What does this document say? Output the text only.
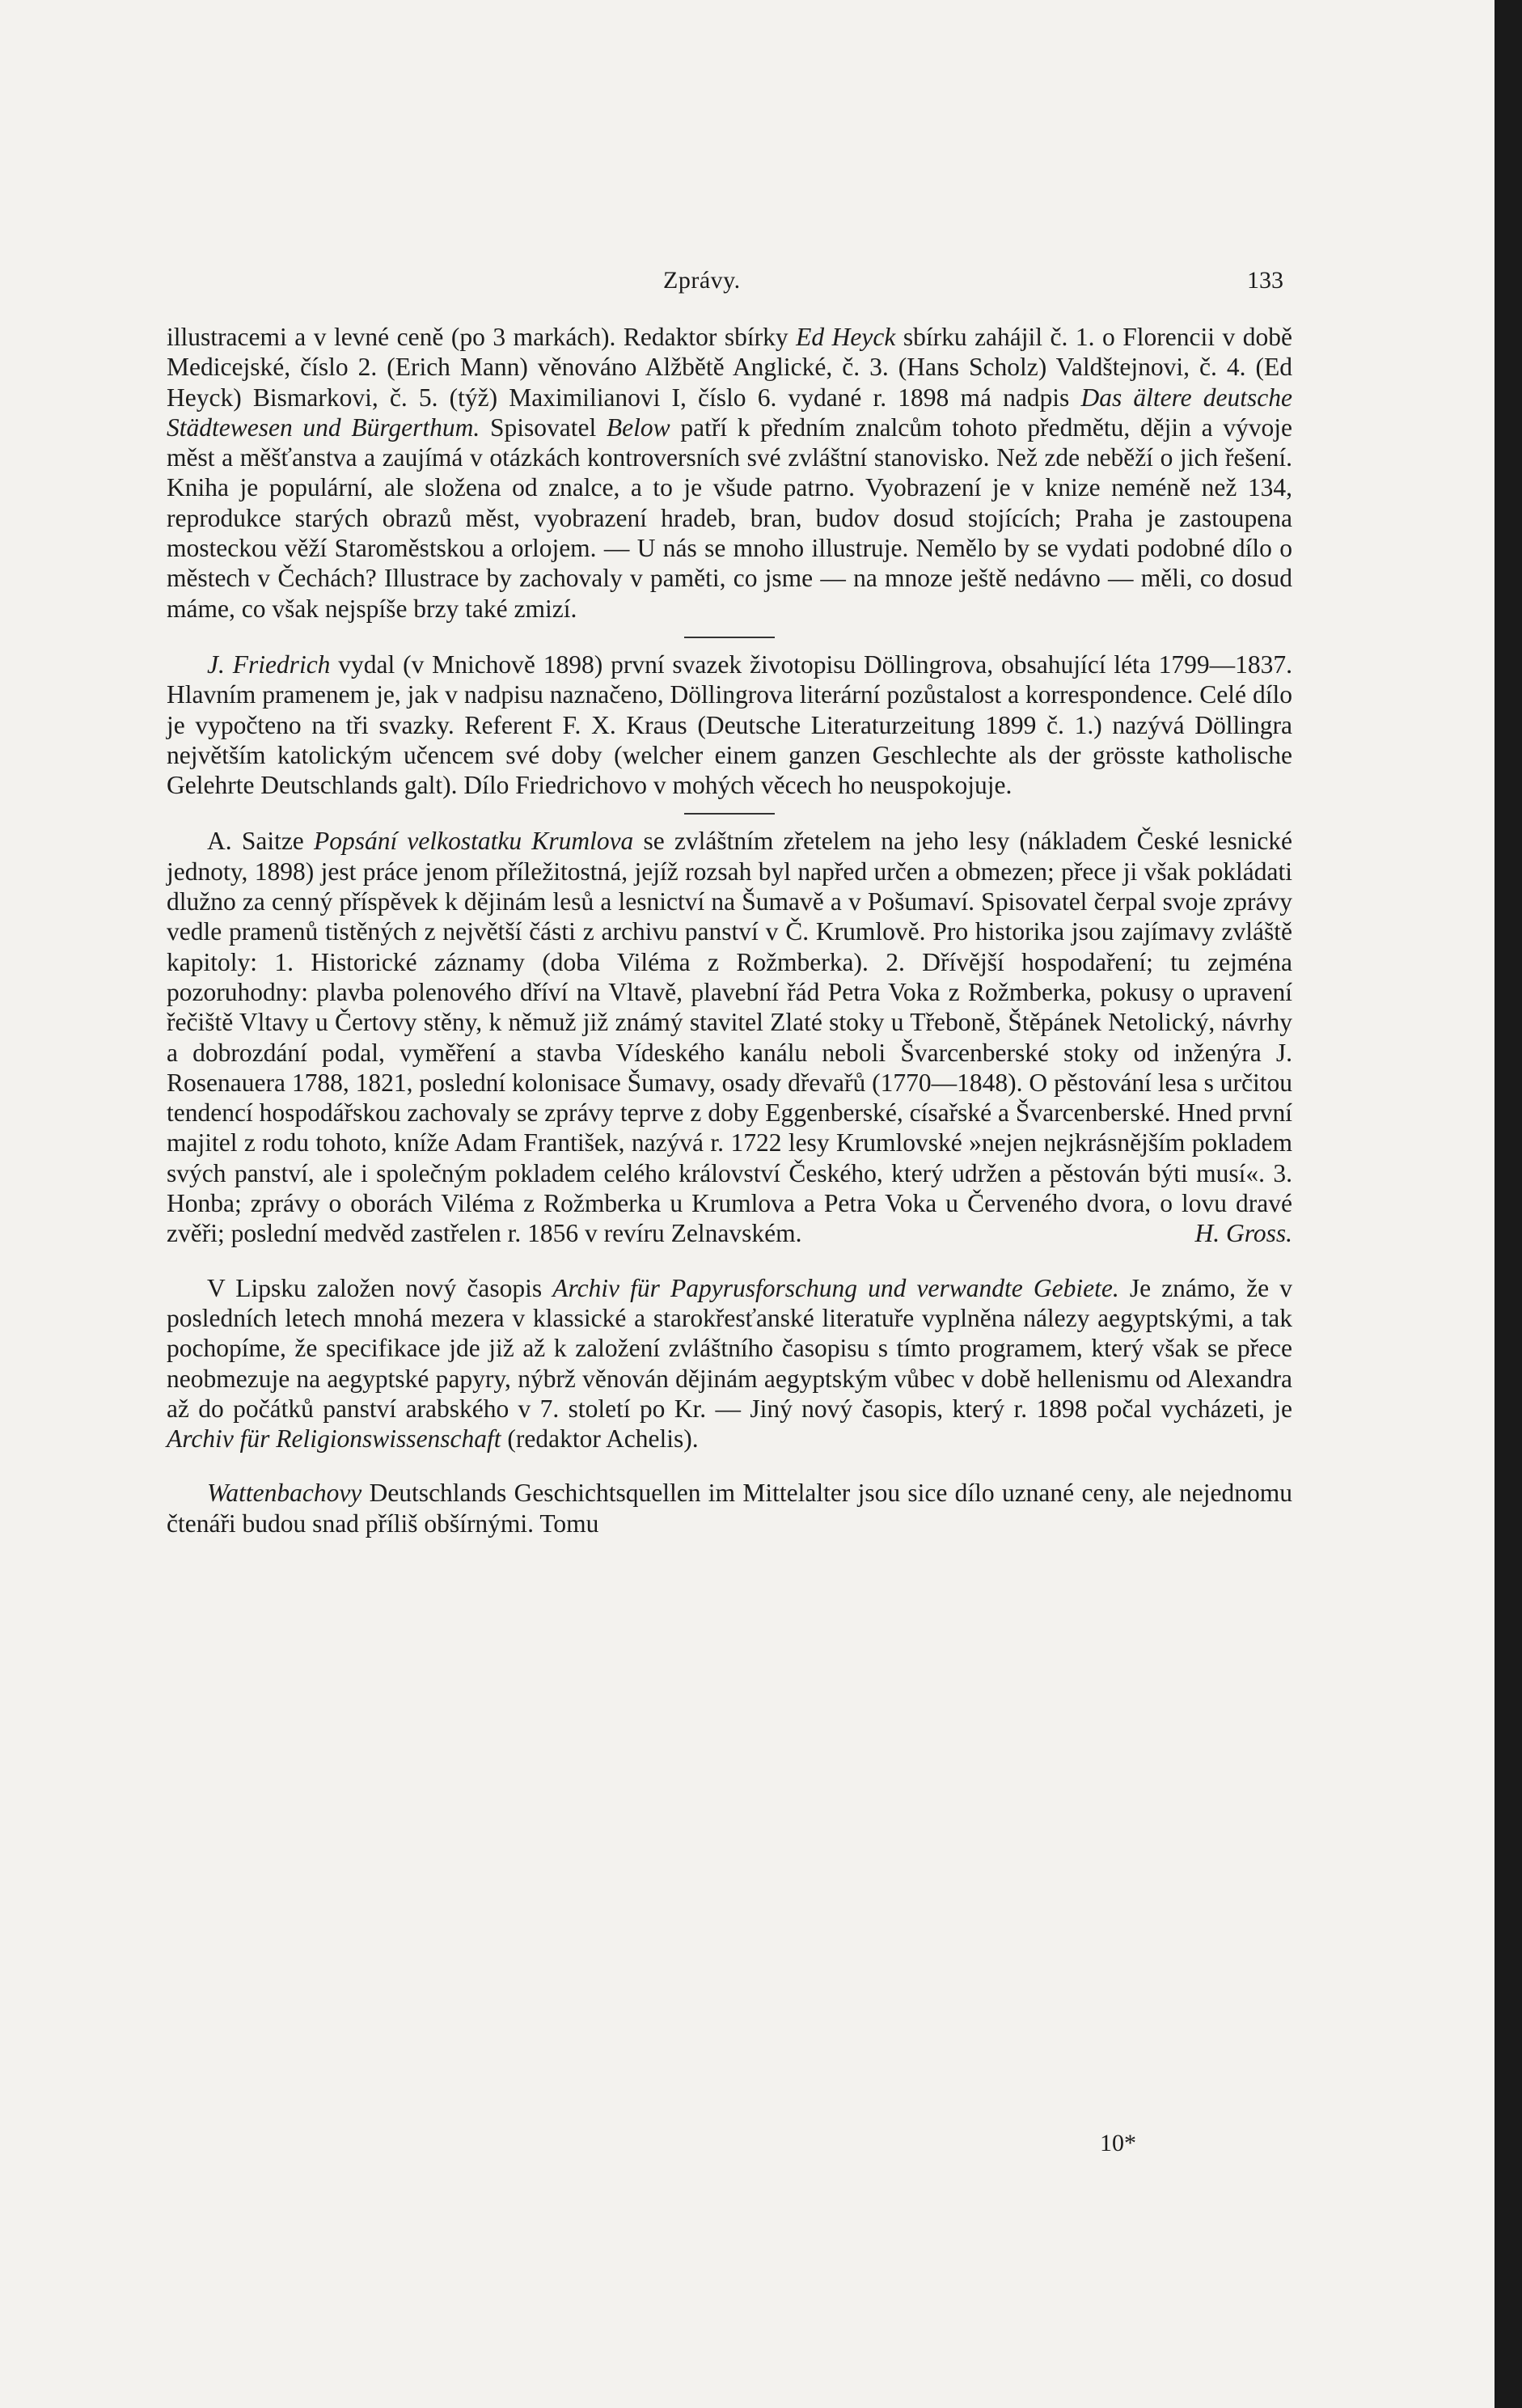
Zprávy.	133

illustracemi a v levné ceně (po 3 markách). Redaktor sbírky Ed Heyck sbírku zahájil č. 1. o Florencii v době Medicejské, číslo 2. (Erich Mann) věnováno Alžbětě Anglické, č. 3. (Hans Scholz) Valdštejnovi, č. 4. (Ed Heyck) Bismarkovi, č. 5. (týž) Maximilianovi I, číslo 6. vydané r. 1898 má nadpis Das ältere deutsche Städtewesen und Bürgerthum. Spisovatel Below patří k předním znalcům tohoto předmětu, dějin a vývoje měst a měšťanstva a zaujímá v otázkách kontroversních své zvláštní stanovisko. Než zde neběží o jich řešení. Kniha je populární, ale složena od znalce, a to je všude patrno. Vyobrazení je v knize neméně než 134, reprodukce starých obrazů měst, vyobrazení hradeb, bran, budov dosud stojících; Praha je zastoupena mosteckou věží Staroměstskou a orlojem. — U nás se mnoho illustruje. Nemělo by se vydati podobné dílo o městech v Čechách? Illustrace by zachovaly v paměti, co jsme — na mnoze ještě nedávno — měli, co dosud máme, co však nejspíše brzy také zmizí.

J. Friedrich vydal (v Mnichově 1898) první svazek životopisu Döllingrova, obsahující léta 1799—1837. Hlavním pramenem je, jak v nadpisu naznačeno, Döllingrova literární pozůstalost a korrespondence. Celé dílo je vypočteno na tři svazky. Referent F. X. Kraus (Deutsche Literaturzeitung 1899 č. 1.) nazývá Döllingra největším katolickým učencem své doby (welcher einem ganzen Geschlechte als der grösste katholische Gelehrte Deutschlands galt). Dílo Friedrichovo v mohých věcech ho neuspokojuje.

A. Saitze Popsání velkostatku Krumlova se zvláštním zřetelem na jeho lesy (nákladem České lesnické jednoty, 1898) jest práce jenom příležitostná, jejíž rozsah byl napřed určen a obmezen; přece ji však pokládati dlužno za cenný příspěvek k dějinám lesů a lesnictví na Šumavě a v Pošumaví. Spisovatel čerpal svoje zprávy vedle pramenů tistěných z největší části z archivu panství v Č. Krumlově. Pro historika jsou zajímavy zvláště kapitoly: 1. Historické záznamy (doba Viléma z Rožmberka). 2. Dřívější hospodaření; tu zejména pozoruhodny: plavba polenového dříví na Vltavě, plavební řád Petra Voka z Rožmberka, pokusy o upravení řečiště Vltavy u Čertovy stěny, k němuž již známý stavitel Zlaté stoky u Třeboně, Štěpánek Netolický, návrhy a dobrozdání podal, vyměření a stavba Vídeského kanálu neboli Švarcenberské stoky od inženýra J. Rosenauera 1788, 1821, poslední kolonisace Šumavy, osady dřevařů (1770—1848). O pěstování lesa s určitou tendencí hospodářskou zachovaly se zprávy teprve z doby Eggenberské, císařské a Švarcenberské. Hned první majitel z rodu tohoto, kníže Adam František, nazývá r. 1722 lesy Krumlovské »nejen nejkrásnějším pokladem svých panství, ale i společným pokladem celého království Českého, který udržen a pěstován býti musí«. 3. Honba; zprávy o oborách Viléma z Rožmberka u Krumlova a Petra Voka u Červeného dvora, o lovu dravé zvěři; poslední medvěd zastřelen r. 1856 v revíru Zelnavském.	H. Gross.

V Lipsku založen nový časopis Archiv für Papyrusforschung und verwandte Gebiete. Je známo, že v posledních letech mnohá mezera v klassické a starokřesťanské literatuře vyplněna nálezy aegyptskými, a tak pochopíme, že specifikace jde již až k založení zvláštního časopisu s tímto programem, který však se přece neobmezuje na aegyptské papyry, nýbrž věnován dějinám aegyptským vůbec v době hellenismu od Alexandra až do počátků panství arabského v 7. století po Kr. — Jiný nový časopis, který r. 1898 počal vycházeti, je Archiv für Religionswissenschaft (redaktor Achelis).

Wattenbachovy Deutschlands Geschichtsquellen im Mittelalter jsou sice dílo uznané ceny, ale nejednomu čtenáři budou snad příliš obšírnými. Tomu

10*
